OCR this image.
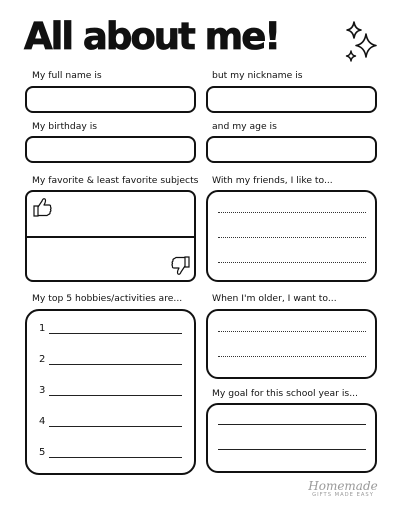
All about me!
My full name is	but my nickname is
My birthday is	and my age is
My favorite & least favorite subjects With my friends, I like to...
My top 5 hobbies/activities are...
1
2
3
4
5
When I'm older, I want to...
My goal for this school year is...
Homemade
GIFTS MADE EASY
